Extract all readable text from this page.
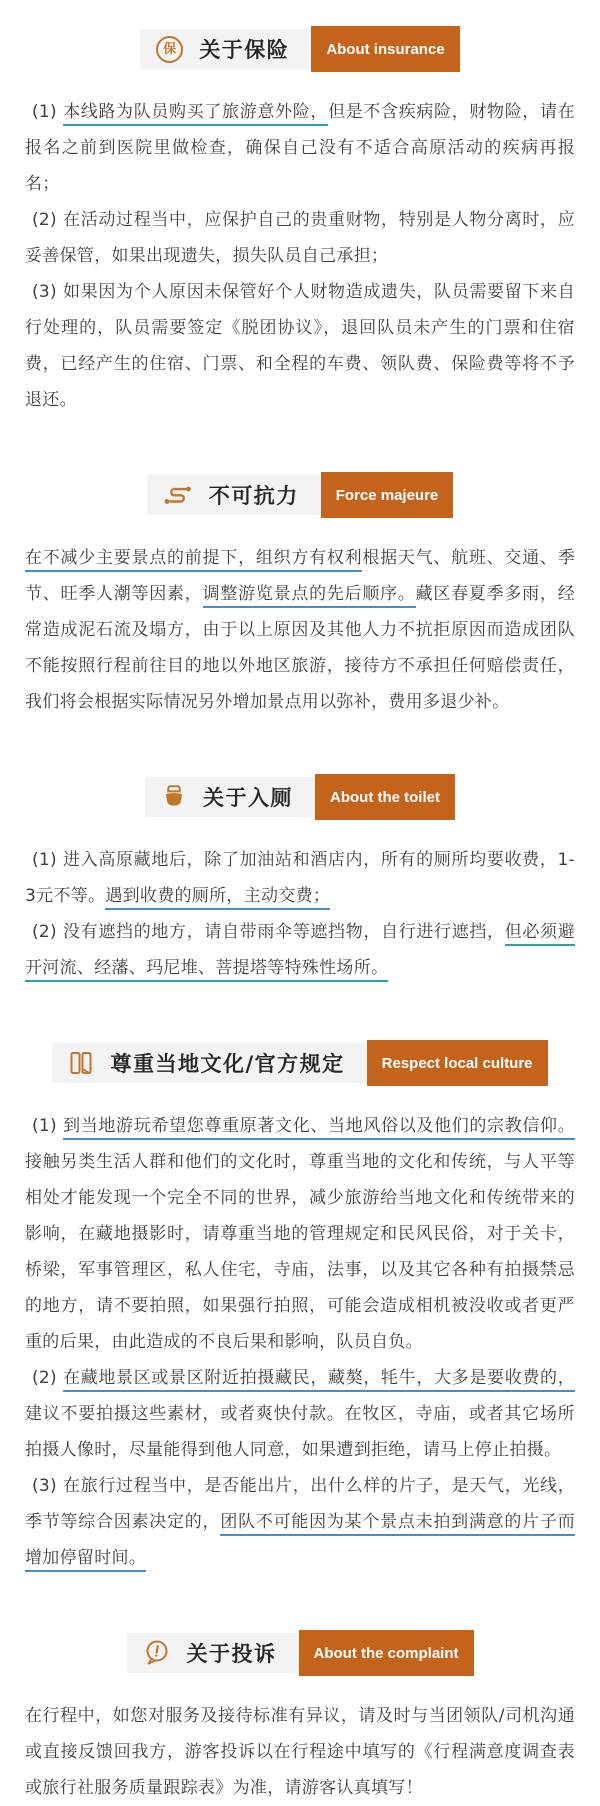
保	关于保险	About insurance

(1) 本线路为队员购买了旅游意外险，但是不含疾病险，财物险，请在报名之前到医院里做检查，确保自己没有不适合高原活动的疾病再报名；

(2) 在活动过程当中，应保护自己的贵重财物，特别是人物分离时，应妥善保管，如果出现遗失，损失队员自己承担；

(3) 如果因为个人原因未保管好个人财物造成遗失，队员需要留下来自行处理的，队员需要签定《脱团协议》，退回队员未产生的门票和住宿费，已经产生的住宿、门票、和全程的车费、领队费、保险费等将不予退还。

不可抗力	Force majeure

在不减少主要景点的前提下，组织方有权利根据天气、航班、交通、季节、旺季人潮等因素，调整游览景点的先后顺序。藏区春夏季多雨，经常造成泥石流及塌方，由于以上原因及其他人力不抗拒原因而造成团队不能按照行程前往目的地以外地区旅游，接待方不承担任何赔偿责任，我们将会根据实际情况另外增加景点用以弥补，费用多退少补。

关于入厕	About the toilet

(1) 进入高原藏地后，除了加油站和酒店内，所有的厕所均要收费，1-3元不等。遇到收费的厕所，主动交费；

(2) 没有遮挡的地方，请自带雨伞等遮挡物，自行进行遮挡，但必须避开河流、经藩、玛尼堆、菩提塔等特殊性场所。

尊重当地文化/官方规定	Respect local culture

(1) 到当地游玩希望您尊重原著文化、当地风俗以及他们的宗教信仰。接触另类生活人群和他们的文化时，尊重当地的文化和传统，与人平等相处才能发现一个完全不同的世界，减少旅游给当地文化和传统带来的影响，在藏地摄影时，请尊重当地的管理规定和民风民俗，对于关卡，桥梁，军事管理区，私人住宅，寺庙，法事，以及其它各种有拍摄禁忌的地方，请不要拍照，如果强行拍照，可能会造成相机被没收或者更严重的后果，由此造成的不良后果和影响，队员自负。

(2) 在藏地景区或景区附近拍摄藏民，藏獒，牦牛，大多是要收费的，建议不要拍摄这些素材，或者爽快付款。在牧区，寺庙，或者其它场所拍摄人像时，尽量能得到他人同意，如果遭到拒绝，请马上停止拍摄。

(3) 在旅行过程当中，是否能出片，出什么样的片子，是天气，光线，季节等综合因素决定的，团队不可能因为某个景点未拍到满意的片子而增加停留时间。

关于投诉	About the complaint

在行程中，如您对服务及接待标准有异议，请及时与当团领队/司机沟通或直接反馈回我方，游客投诉以在行程途中填写的《行程满意度调查表或旅行社服务质量跟踪表》为准，请游客认真填写！
